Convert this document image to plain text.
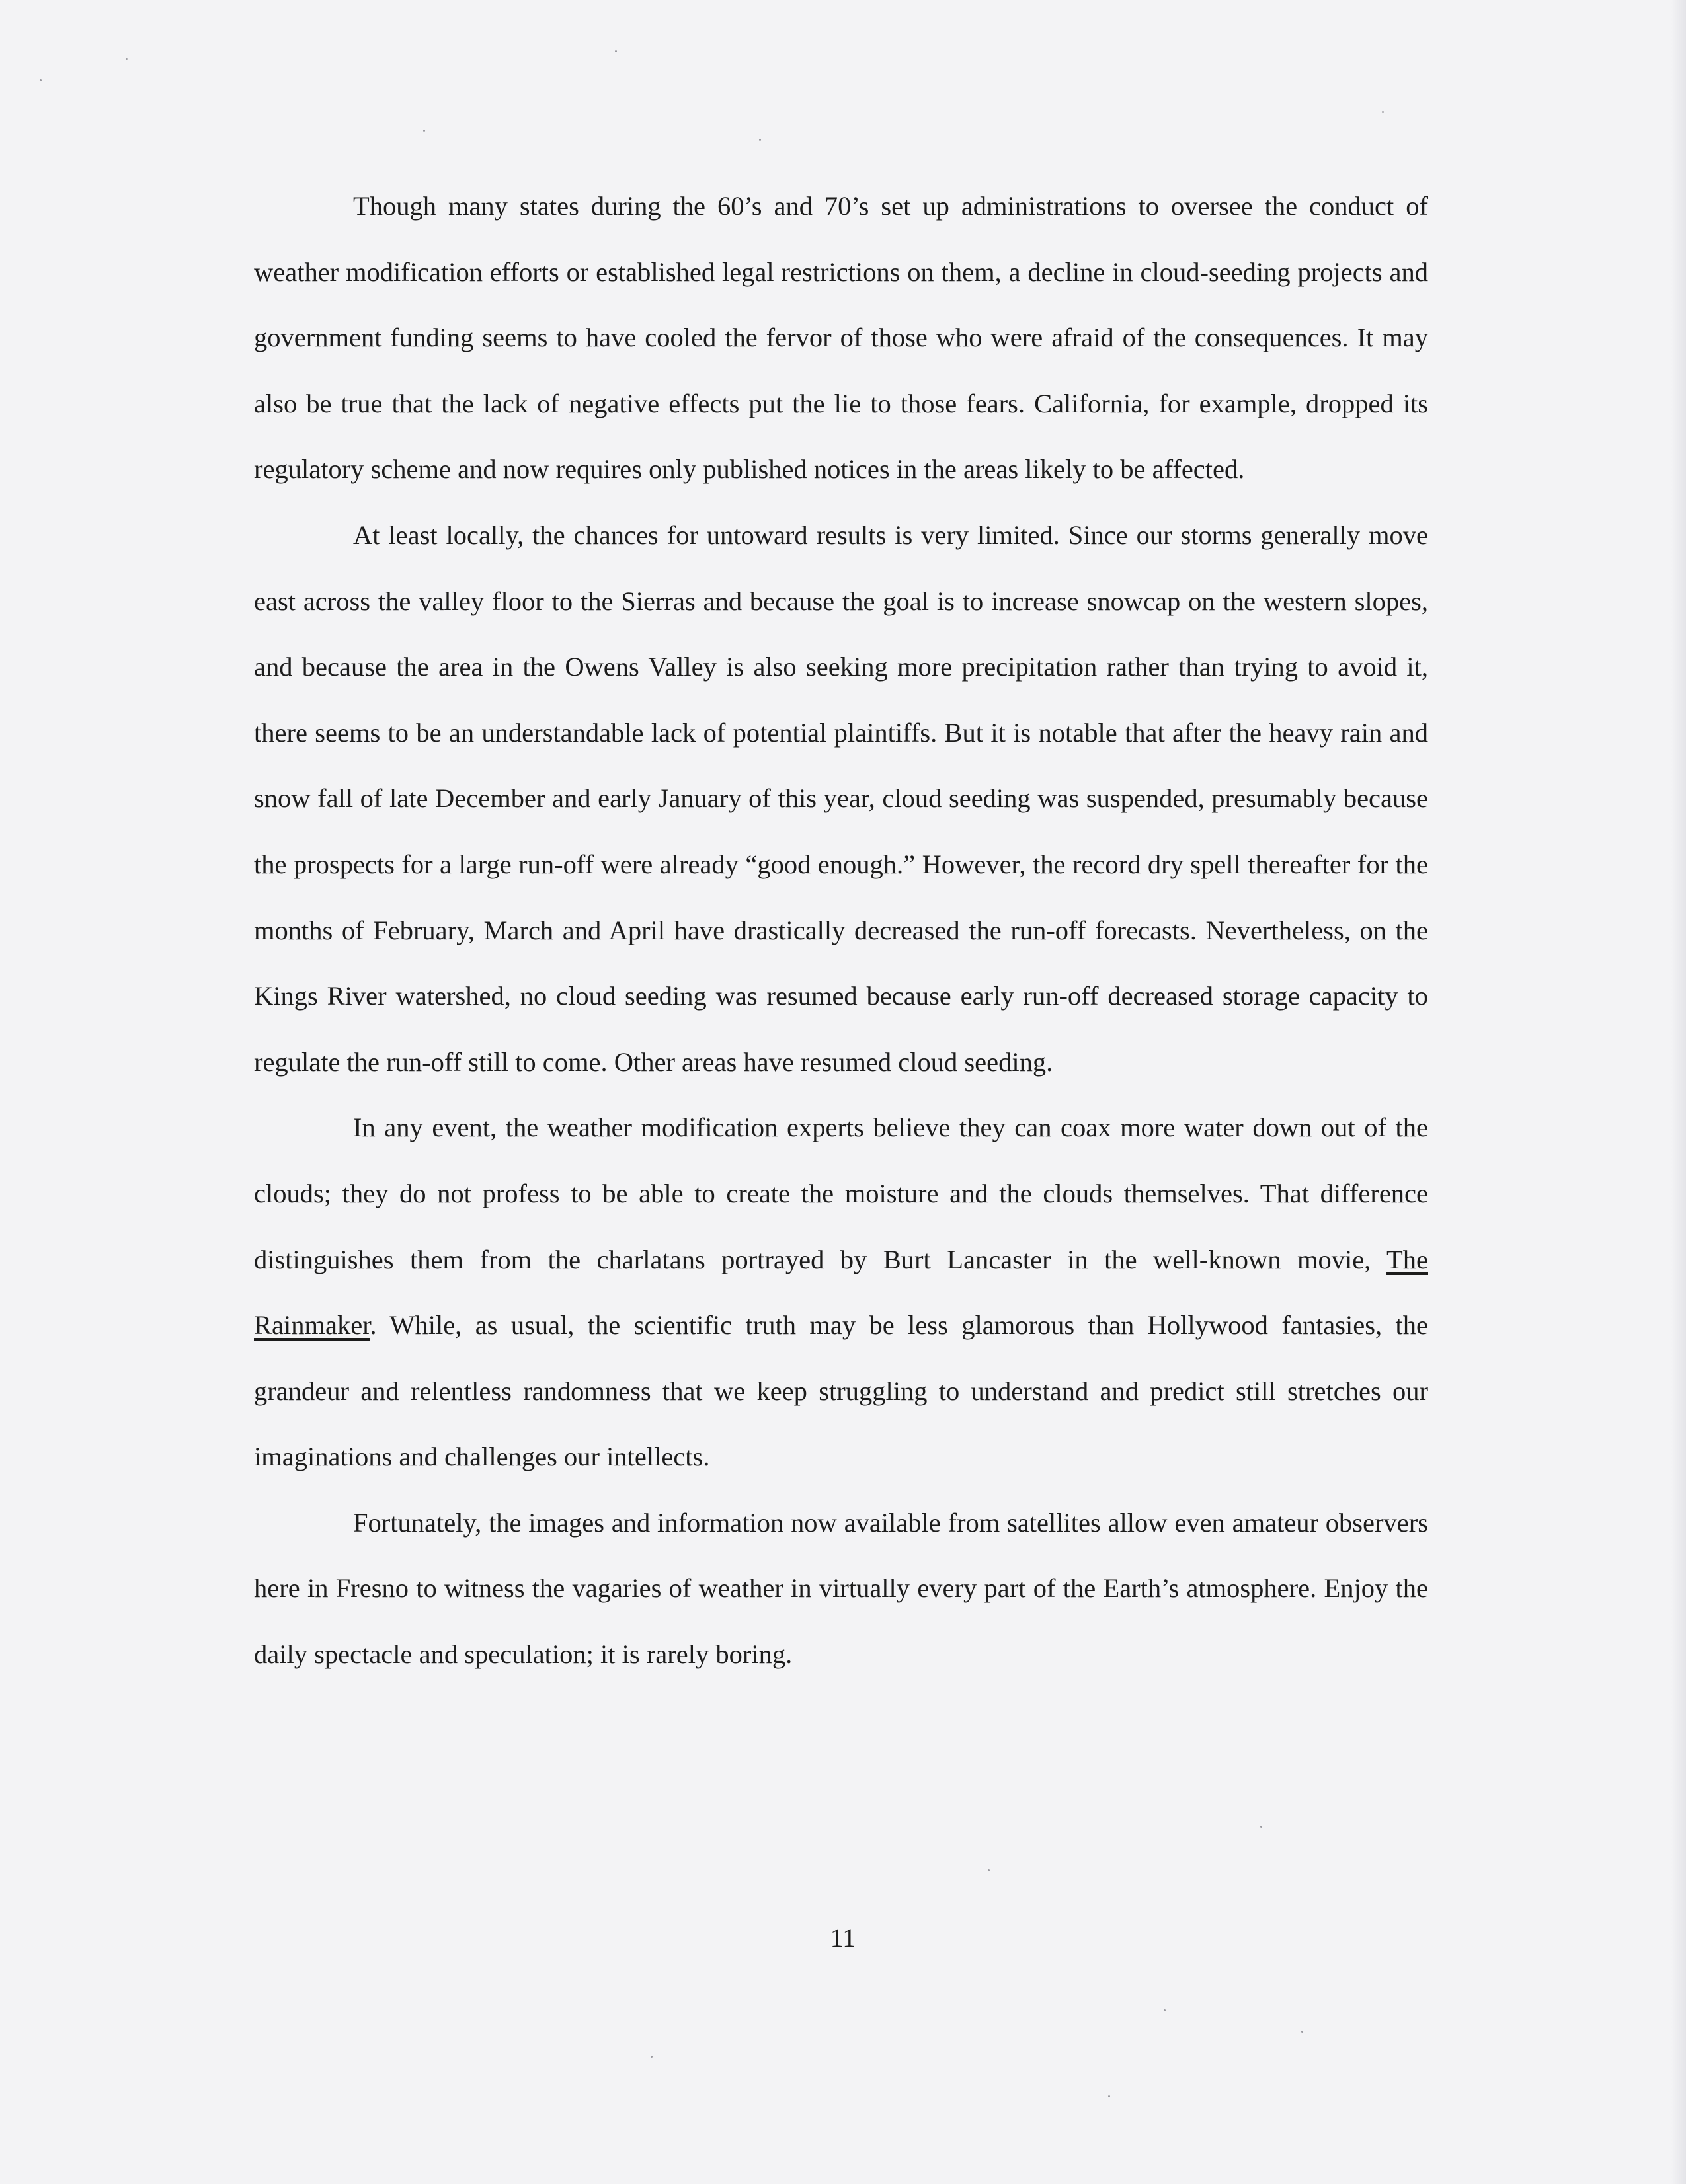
Though many states during the 60’s and 70’s set up administrations to oversee the conduct of weather modification efforts or established legal restrictions on them, a decline in cloud-seeding projects and government funding seems to have cooled the fervor of those who were afraid of the consequences. It may also be true that the lack of negative effects put the lie to those fears. California, for example, dropped its regulatory scheme and now requires only published notices in the areas likely to be affected.

At least locally, the chances for untoward results is very limited. Since our storms generally move east across the valley floor to the Sierras and because the goal is to increase snowcap on the western slopes, and because the area in the Owens Valley is also seeking more precipitation rather than trying to avoid it, there seems to be an understandable lack of potential plaintiffs. But it is notable that after the heavy rain and snow fall of late December and early January of this year, cloud seeding was suspended, presumably because the prospects for a large run-off were already “good enough.” However, the record dry spell thereafter for the months of February, March and April have drastically decreased the run-off forecasts. Nevertheless, on the Kings River watershed, no cloud seeding was resumed because early run-off decreased storage capacity to regulate the run-off still to come. Other areas have resumed cloud seeding.

In any event, the weather modification experts believe they can coax more water down out of the clouds; they do not profess to be able to create the moisture and the clouds themselves. That difference distinguishes them from the charlatans portrayed by Burt Lancaster in the well-known movie, The Rainmaker. While, as usual, the scientific truth may be less glamorous than Hollywood fantasies, the grandeur and relentless randomness that we keep struggling to understand and predict still stretches our imaginations and challenges our intellects.

Fortunately, the images and information now available from satellites allow even amateur observers here in Fresno to witness the vagaries of weather in virtually every part of the Earth’s atmosphere. Enjoy the daily spectacle and speculation; it is rarely boring.

11
